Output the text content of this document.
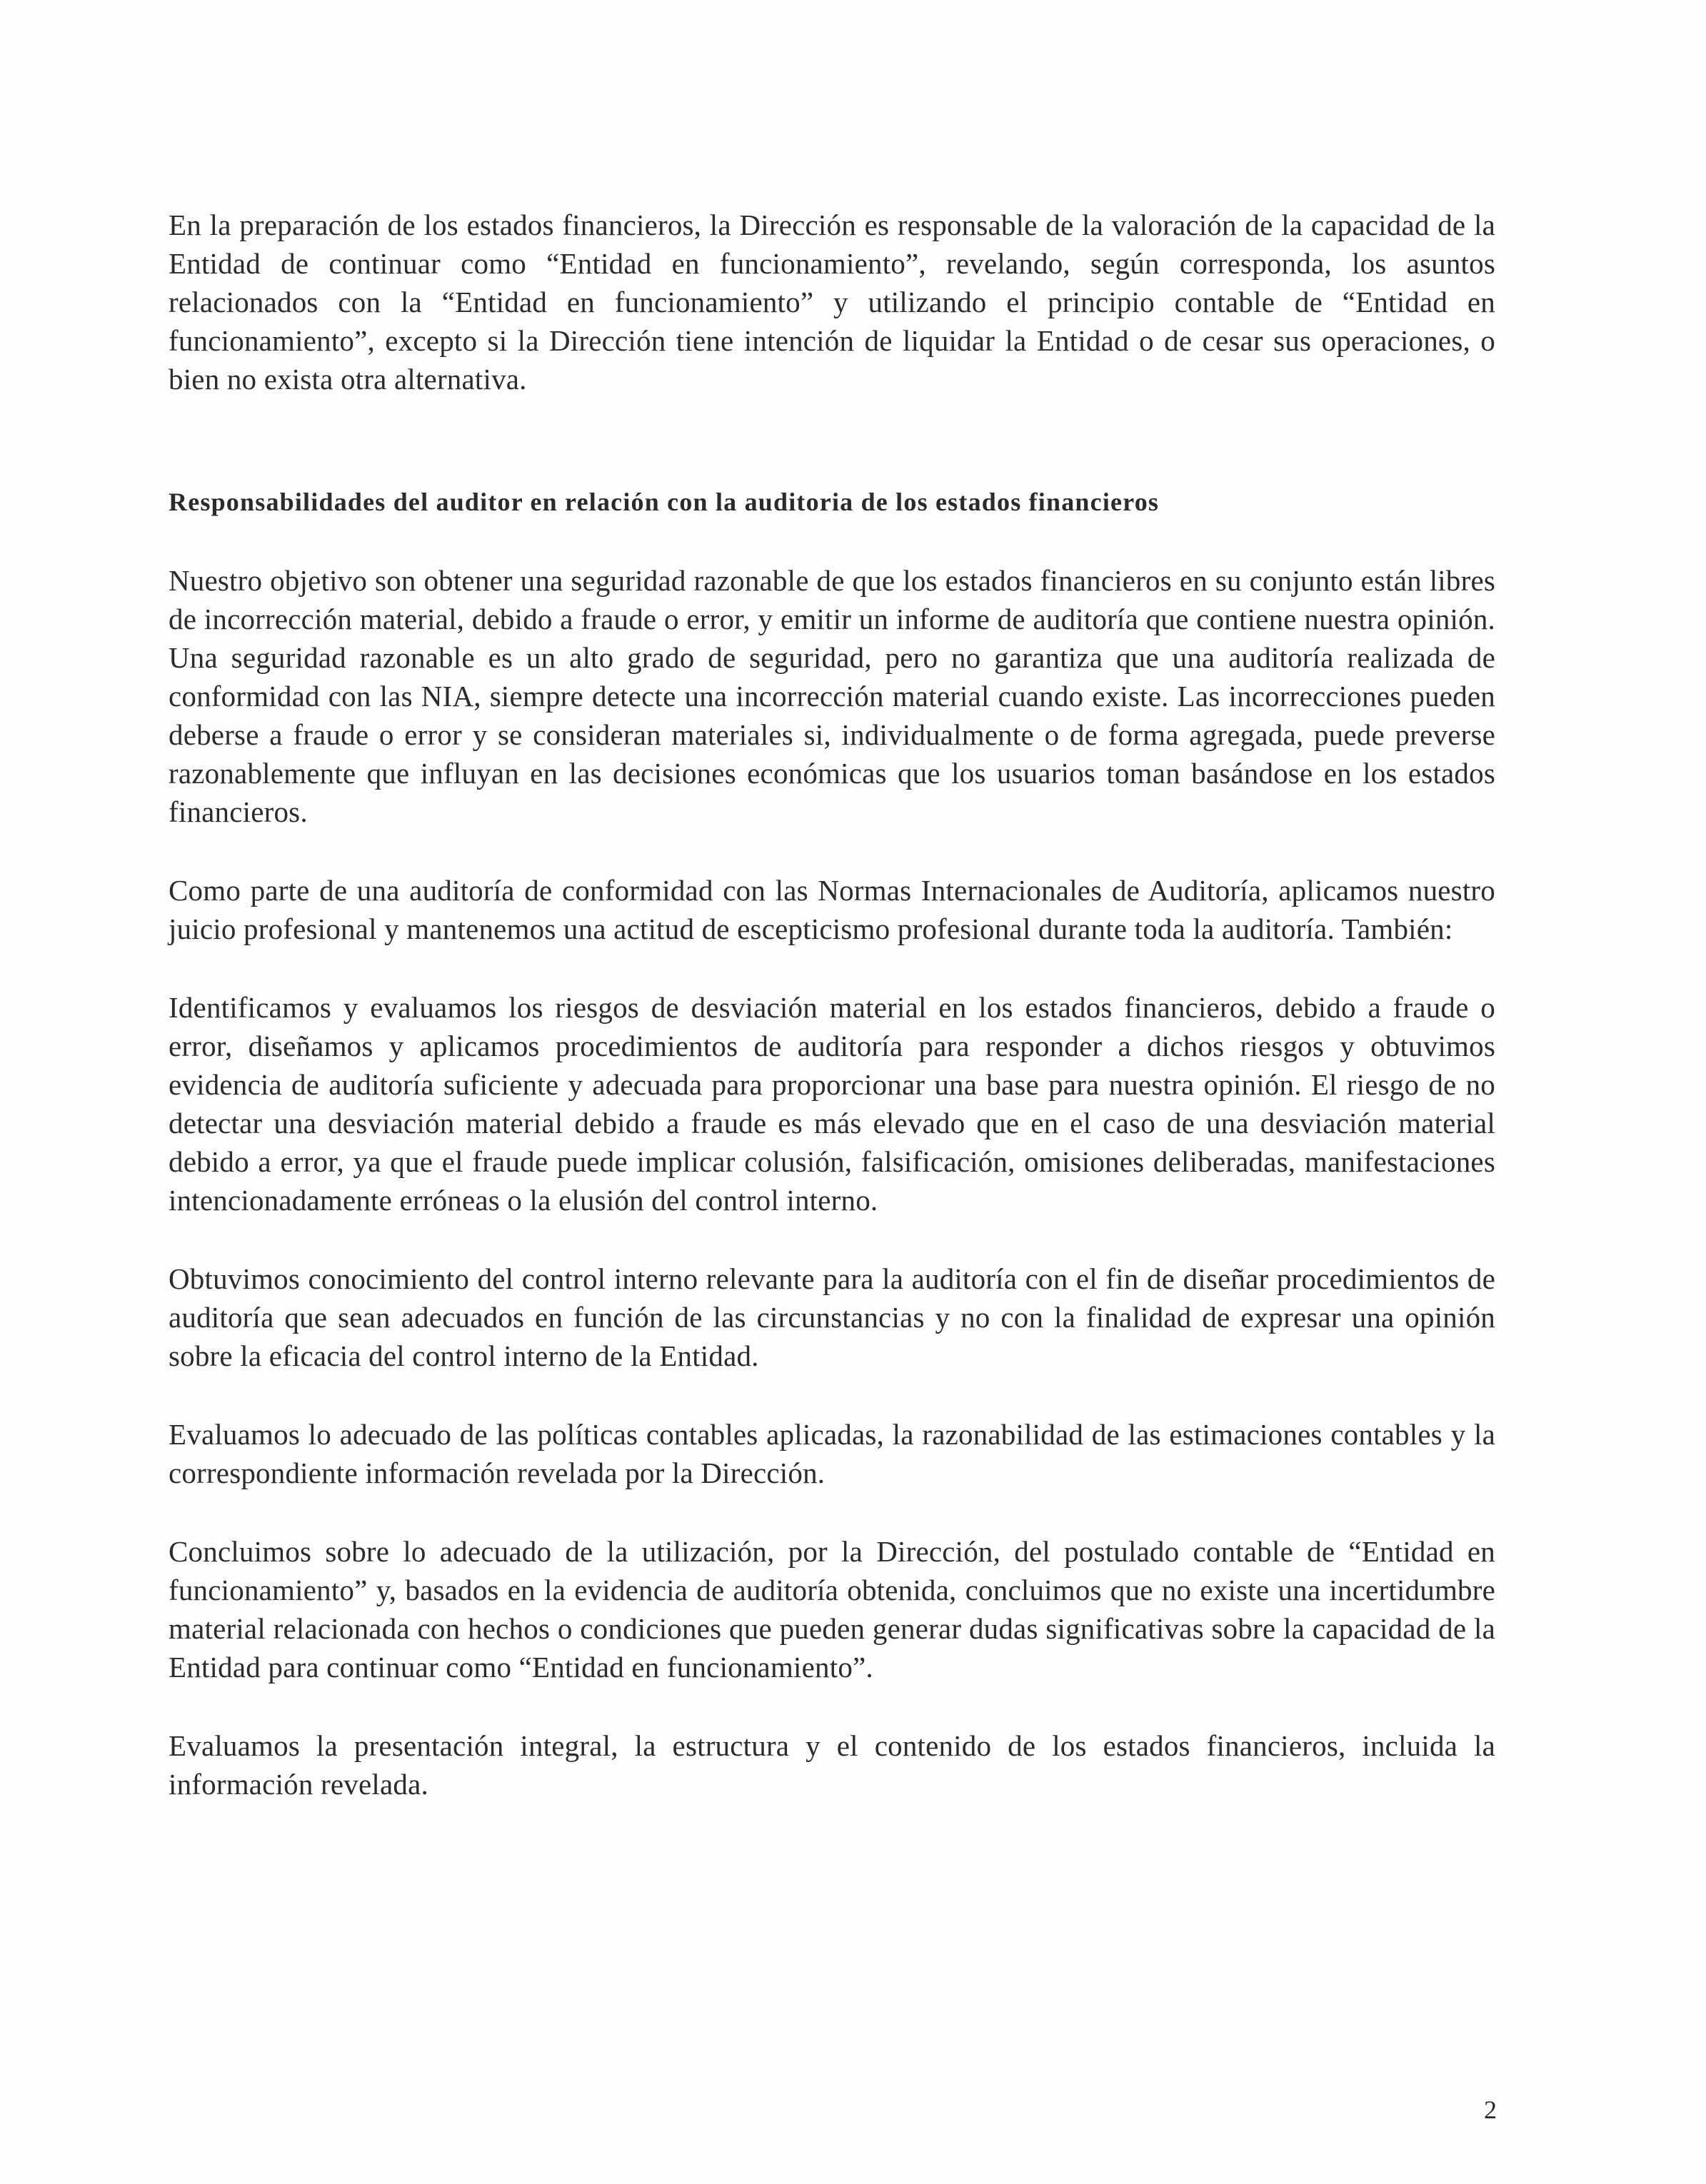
En la preparación de los estados financieros, la Dirección es responsable de la valoración de la capacidad de la Entidad de continuar como “Entidad en funcionamiento”, revelando, según corresponda, los asuntos relacionados con la “Entidad en funcionamiento” y utilizando el principio contable de “Entidad en funcionamiento”, excepto si la Dirección tiene intención de liquidar la Entidad o de cesar sus operaciones, o bien no exista otra alternativa.

Responsabilidades del auditor en relación con la auditoria de los estados financieros

Nuestro objetivo son obtener una seguridad razonable de que los estados financieros en su conjunto están libres de incorrección material, debido a fraude o error, y emitir un informe de auditoría que contiene nuestra opinión. Una seguridad razonable es un alto grado de seguridad, pero no garantiza que una auditoría realizada de conformidad con las NIA, siempre detecte una incorrección material cuando existe. Las incorrecciones pueden deberse a fraude o error y se consideran materiales si, individualmente o de forma agregada, puede preverse razonablemente que influyan en las decisiones económicas que los usuarios toman basándose en los estados financieros.

Como parte de una auditoría de conformidad con las Normas Internacionales de Auditoría, aplicamos nuestro juicio profesional y mantenemos una actitud de escepticismo profesional durante toda la auditoría. También:

Identificamos y evaluamos los riesgos de desviación material en los estados financieros, debido a fraude o error, diseñamos y aplicamos procedimientos de auditoría para responder a dichos riesgos y obtuvimos evidencia de auditoría suficiente y adecuada para proporcionar una base para nuestra opinión. El riesgo de no detectar una desviación material debido a fraude es más elevado que en el caso de una desviación material debido a error, ya que el fraude puede implicar colusión, falsificación, omisiones deliberadas, manifestaciones intencionadamente erróneas o la elusión del control interno.

Obtuvimos conocimiento del control interno relevante para la auditoría con el fin de diseñar procedimientos de auditoría que sean adecuados en función de las circunstancias y no con la finalidad de expresar una opinión sobre la eficacia del control interno de la Entidad.

Evaluamos lo adecuado de las políticas contables aplicadas, la razonabilidad de las estimaciones contables y la correspondiente información revelada por la Dirección.

Concluimos sobre lo adecuado de la utilización, por la Dirección, del postulado contable de “Entidad en funcionamiento” y, basados en la evidencia de auditoría obtenida, concluimos que no existe una incertidumbre material relacionada con hechos o condiciones que pueden generar dudas significativas sobre la capacidad de la Entidad para continuar como “Entidad en funcionamiento”.

Evaluamos la presentación integral, la estructura y el contenido de los estados financieros, incluida la información revelada.

2
